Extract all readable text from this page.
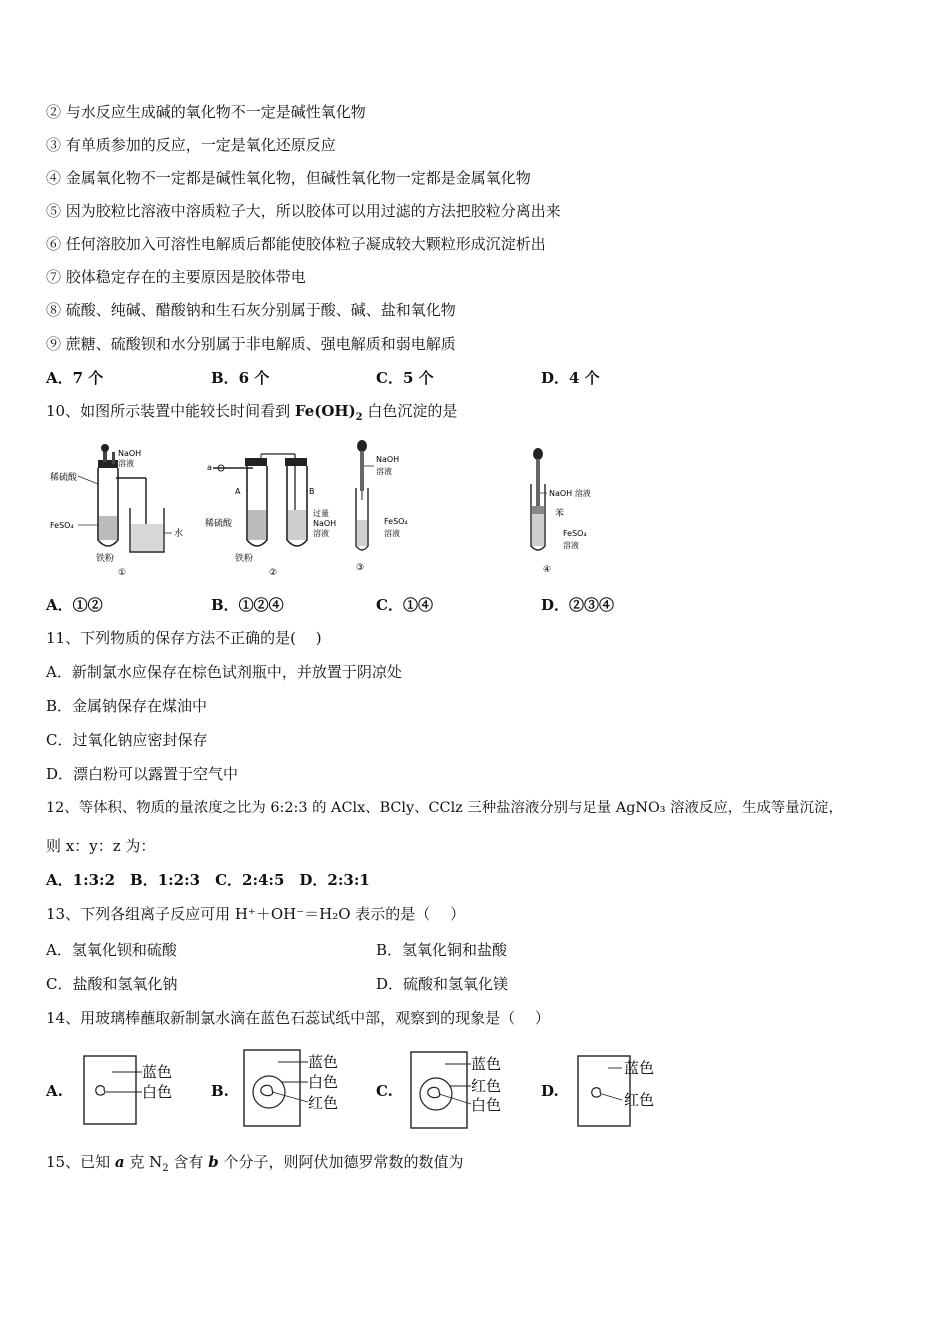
② 与水反应生成碱的氧化物不一定是碱性氧化物
③ 有单质参加的反应，一定是氧化还原反应
④ 金属氧化物不一定都是碱性氧化物，但碱性氧化物一定都是金属氧化物
⑤ 因为胶粒比溶液中溶质粒子大，所以胶体可以用过滤的方法把胶粒分离出来
⑥ 任何溶胶加入可溶性电解质后都能使胶体粒子凝成较大颗粒形成沉淀析出
⑦ 胶体稳定存在的主要原因是胶体带电
⑧ 硫酸、纯碱、醋酸钠和生石灰分别属于酸、碱、盐和氧化物
⑨ 蔗糖、硫酸钡和水分别属于非电解质、强电解质和弱电解质
A．7 个	B．6 个	C．5 个	D．4 个
10、如图所示装置中能较长时间看到 $Fe(OH)_2$ 白色沉淀的是
稀硫酸
NaOH
溶液
FeSO₄
水
铁粉
①
a
A	B
稀硫酸
过量
NaOH
溶液
铁粉
②
NaOH
溶液
FeSO₄
溶液
③
NaOH 溶液
苯
FeSO₄
溶液
④
A．①②	B．①②④	C．①④	D．②③④
11、下列物质的保存方法不正确的是(　 )
A．新制氯水应保存在棕色试剂瓶中，并放置于阴凉处
B．金属钠保存在煤油中
C．过氧化钠应密封保存
D．漂白粉可以露置于空气中
12、等体积、物质的量浓度之比为 6:2:3 的 AClx、BCly、CClz 三种盐溶液分别与足量 AgNO₃ 溶液反应，生成等量沉淀，
则 x：y：z 为：
A．1:3:2　B．1:2:3　C．2:4:5　D．2:3:1
13、下列各组离子反应可用 H⁺＋OH⁻＝H₂O 表示的是（　 ）
A．氢氧化钡和硫酸	B．氢氧化铜和盐酸
C．盐酸和氢氧化钠	D．硫酸和氢氧化镁
14、用玻璃棒蘸取新制氯水滴在蓝色石蕊试纸中部，观察到的现象是（　 ）
A.
蓝色
白色	B.
蓝色
白色
红色
C.
蓝色
红色
白色
D.
蓝色
红色
15、已知 a 克 $N_2$ 含有 b 个分子，则阿伏加德罗常数的数值为
